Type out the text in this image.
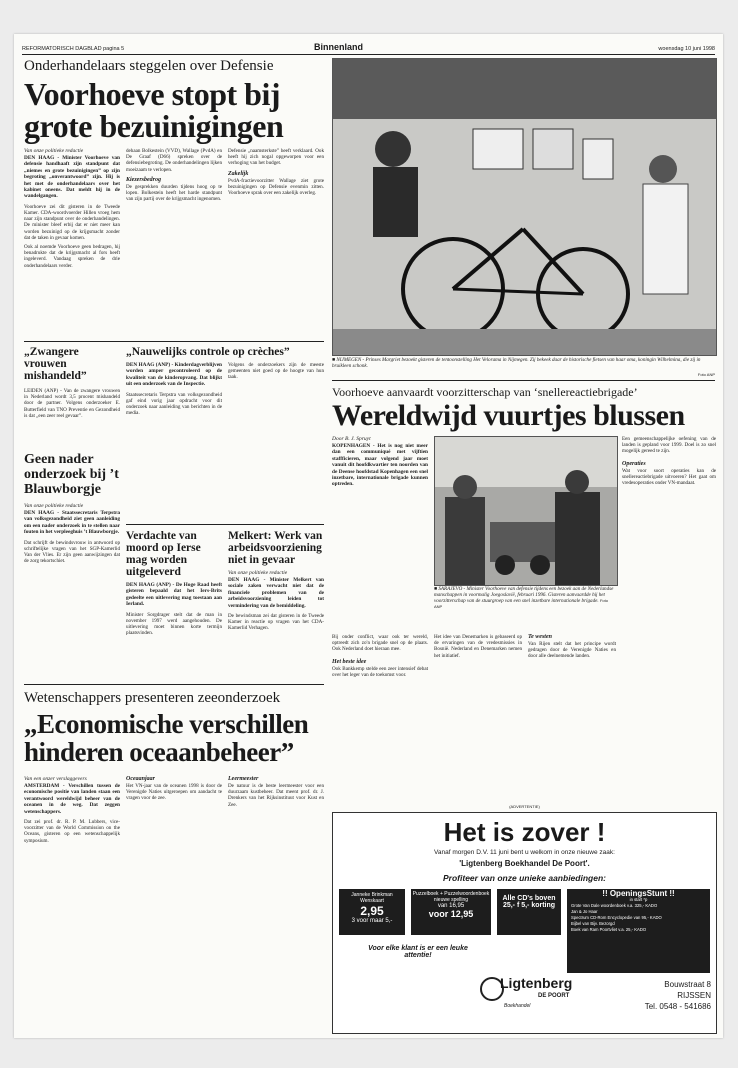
REFORMATORISCH DAGBLAD pagina 5	Binnenland	woensdag 10 juni 1998
Onderhandelaars steggelen over Defensie
Voorhoeve stopt bij
grote bezuinigingen
Van onze politieke redactie
DEN HAAG - Minister Voorhoeve van defensie handhaaft zijn standpunt dat „niemes en grote bezuinigingen” op zijn begroting „onverantwoord” zijn. Hij is het met de onderhandelaars over het kabinet oneens. Dat meldt hij in de wandelgangen.
Voorhoeve zei dit gisteren in de Tweede Kamer. CDA-woordvoerder Hillen vroeg hem naar zijn standpunt over de onderhandelingen. De minister bleef erbij dat er niet meer kan worden bezuinigd op de krijgsmacht zonder dat de taken in gevaar komen.
Ook al noemde Voorhoeve geen bedragen, hij benadrukte dat de krijgsmacht al fors heeft ingeleverd. Vandaag spreken de drie onderhandelaars verder.
dehaan Bolkestein (VVD), Wallage (PvdA) en De Graaf (D66) spreken over de defensiebegroting. De onderhandelingen lijken moeizaam te verlopen.
Kiezersbedrog
De gesprekken duurden tijdens hoog op te lopen. Bolkestein heeft het harde standpunt van zijn partij over de krijgsmacht ingenomen.
Defensie „naamsterkste” heeft verklaard. Ook heeft hij zich nogal opgeworpen voor een verhoging van het budget.
Zakelijk
PvdA-fractievoorzitter Wallage ziet grote bezuinigingen op Defensie evenmin zitten. Voorhoeve sprak over een zakelijk overleg.
■ NIJMEGEN - Prinses Margriet bezoekt gisteren de tentoonstelling Het Velorama in Nijmegen. Zij bekeek daar de historische fietsen van haar oma, koningin Wilhelmina, die zij in bruikleen schonk.
Foto ANP
„Zwangere vrouwen mishandeld”
LEIDEN (ANP) - Van de zwangere vrouwen in Nederland wordt 3,5 procent mishandeld door de partner. Volgens onderzoeker E. Butterfield van TNO Preventie en Gezondheid is dat „een zeer reel gevaar”.
Geen nader onderzoek bij ’t Blauwborgje
Van onze politieke redactie
DEN HAAG - Staatssecretaris Terpstra van volksgezondheid ziet geen aanleiding om een nader onderzoek in te stellen naar fouten in het verpleeghuis ’t Blauwborgje.
Dat schrijft de bewindsvrouw in antwoord op schriftelijke vragen van het SGP-Kamerlid Van der Vlies. Er zijn geen aanwijzingen dat de zorg tekortschiet.
„Nauwelijks controle op crèches”
DEN HAAG (ANP) - Kinderdagverblijven worden amper gecontroleerd op de kwaliteit van de kinderopvang. Dat blijkt uit een onderzoek van de Inspectie.
Staatssecretaris Terpstra van volksgezondheid gaf eind vorig jaar opdracht voor dit onderzoek naar aanleiding van berichten in de media.
Volgens de onderzoekers zijn de meeste gemeenten niet goed op de hoogte van hun taak.
Verdachte van moord op Ierse mag worden uitgeleverd
DEN HAAG (ANP) - De Hoge Raad heeft gisteren bepaald dat het Iers-Brits gedeelte een uitlevering mag toestaan aan Ierland.
Minister Sorgdrager stelt dat de man in november 1997 werd aangehouden. De uitlevering moet binnen korte termijn plaatsvinden.
Melkert: Werk van arbeidsvoorziening niet in gevaar
Van onze politieke redactie
DEN HAAG - Minister Melkert van sociale zaken verwacht niet dat de financiele problemen van de arbeidsvoorziening leiden tot vermindering van de bemiddeling.
De bewindsman zei dat gisteren in de Tweede Kamer in reactie op vragen van het CDA-Kamerlid Verhagen.
Voorhoeve aanvaardt voorzitterschap van ‘snellereactiebrigade’
Wereldwijd vuurtjes blussen
Door B. J. Spruyt
KOPENHAGEN - Het is nog niet meer dan een communiqué met vijftien staffficieren, maar volgend jaar moet vanuit dit hoofdkwartier ten noorden van de Deense hoofdstad Kopenhagen een snel inzetbare, internationale brigade kunnen optreden.
■ SARAJEVO - Minister Voorhoeve van defensie tijdens een bezoek aan de Nederlandse manschappen in voormalig Joegoslavië, februari 1996. Gisteren aanvaardde hij het voorzitterschap van de stuurgroep van een snel inzetbare internationale brigade. Foto ANP
Een gemeenschappelijke oefening van de landen is gepland voor 1999. Doel is zo snel mogelijk gereed te zijn.
Operaties
Wat voor soort operaties kan de snellereactiebrigade uitvoeren? Het gaat om vredesoperaties onder VN-mandaat.
Bij onder conflict, waar ook ter wereld, optreedt zich zo'n brigade snel op de plaats. Ook Nederland doet hieraan mee.
Het beste idee
Ook Bankkemp stelde een zeer intensief debat over het leger van de toekomst voor.
Het idee van Denemarken is gebaseerd op de ervaringen van de vredesmissies in Bosnië. Nederland en Denemarken nemen het initiatief.
Te westen
Van Rijen stelt dat het principe wordt gedragen door de Verenigde Naties en door alle deelnemende landen.
Wetenschappers presenteren zeeonderzoek
„Economische verschillen
hinderen oceaanbeheer”
Van een onzer verslaggevers
AMSTERDAM - Verschillen tussen de economische positie van landen staan een verantwoord wereldwijd beheer van de oceanen in de weg. Dat zeggen wetenschappers.
Dat zei prof. dr. R. P. M. Lubbers, vice-voorzitter van de World Commission on the Oceans, gisteren op een wetenschappelijk symposium.
Oceaanjaar
Het VN-jaar van de oceanen 1998 is door de Verenigde Naties uitgeroepen om aandacht te vragen voor de zee.
Leermeester
De natuur is de beste leermeester voor een duurzaam kustbeheer. Dat meent prof. dr. J. Drenkers van het Rijksinstituut voor Kust en Zee.	(ADVERTENTIE)
Het is zover !
Vanaf morgen D.V. 11 juni bent u welkom in onze nieuwe zaak:
'Ligtenberg Boekhandel De Poort'.
Profiteer van onze unieke aanbiedingen:
Janneke Brinkman Wenskaart
2,95
3 voor maar 5,-
Puzzelboek + Puzzelwoordenboek nieuwe spelling
van 16,95
voor 12,95
Alle CD's boven 25,- f 5,- korting
!! OpeningsStunt !!
in start *p
Grote Van Dale woordenboek v.a. 325,- KADO
Jan & Jo Haar
Spectrum CD-Rom Encyclopedie van 95,- KADO
Bijbel van Bijv. Bezorgd
Boek van Ram Poortvliet v.a. 25,- KADO
Voor elke klant is er een leuke attentie!
Ligtenberg
DE POORT
Boekhandel
Bouwstraat 8
RIJSSEN
Tel. 0548 - 541686
